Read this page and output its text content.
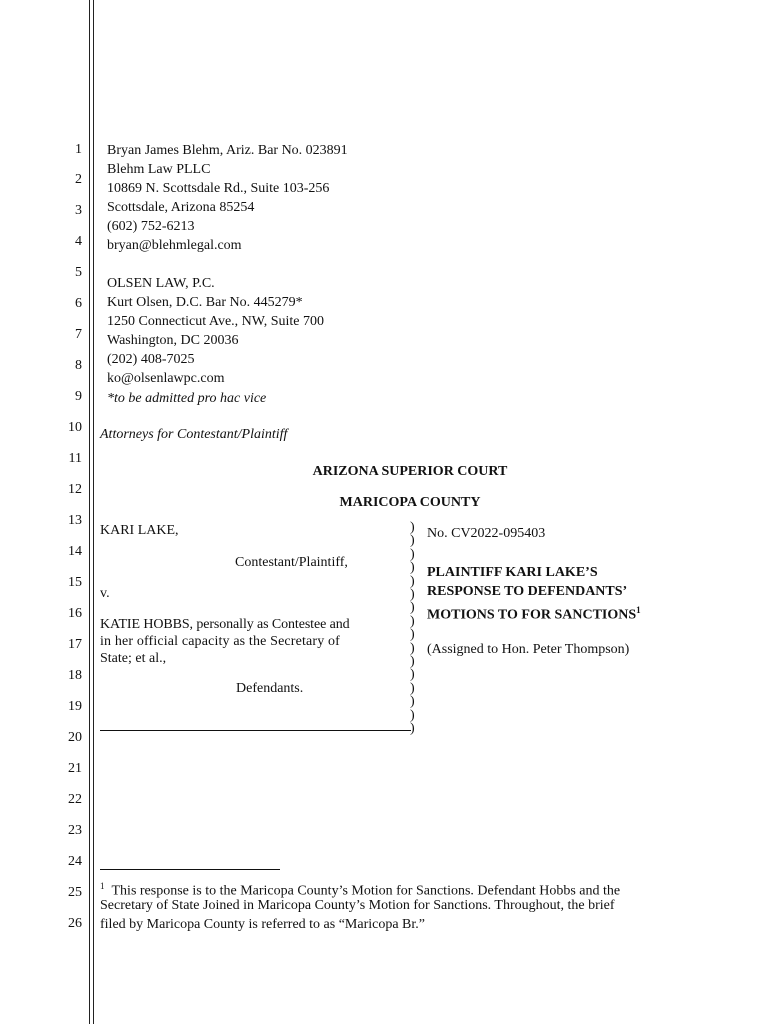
1
2
3
4
5
6
7
8
9
10
11
12
13
14
15
16
17
18
19
20
21
22
23
24
25
26
Bryan James Blehm, Ariz. Bar No. 023891
Blehm Law PLLC
10869 N. Scottsdale Rd., Suite 103-256
Scottsdale, Arizona 85254
(602) 752-6213
bryan@blehmlegal.com
OLSEN LAW, P.C.
Kurt Olsen, D.C. Bar No. 445279*
1250 Connecticut Ave., NW, Suite 700
Washington, DC 20036
(202) 408-7025
ko@olsenlawpc.com
*to be admitted pro hac vice
Attorneys for Contestant/Plaintiff
ARIZONA SUPERIOR COURT
MARICOPA COUNTY
KARI LAKE,
Contestant/Plaintiff,
v.
KATIE HOBBS, personally as Contestee and
in her official capacity as the Secretary of
State; et al.,
Defendants.
)
)
)
)
)
)
)
)
)
)
)
)
)
)
)
)
No. CV2022-095403
PLAINTIFF KARI LAKE’S
RESPONSE TO DEFENDANTS’
MOTIONS TO FOR SANCTIONS$^1$
(Assigned to Hon. Peter Thompson)
$^1$ This response is to the Maricopa County’s Motion for Sanctions. Defendant Hobbs and the
Secretary of State Joined in Maricopa County’s Motion for Sanctions. Throughout, the brief
filed by Maricopa County is referred to as “Maricopa Br.”
